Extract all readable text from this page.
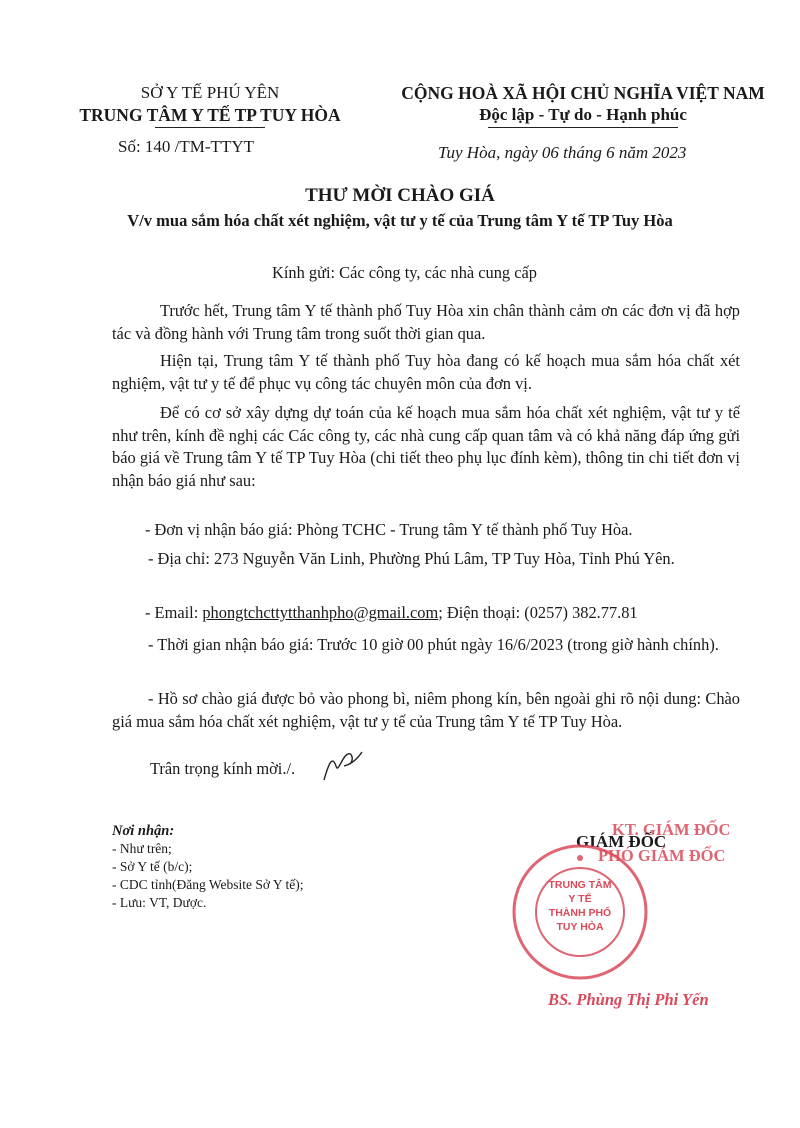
SỞ Y TẾ PHÚ YÊN
TRUNG TÂM Y TẾ TP TUY HÒA
Số: 140 /TM-TTYT
CỘNG HOÀ XÃ HỘI CHỦ NGHĨA VIỆT NAM
Độc lập - Tự do - Hạnh phúc
Tuy Hòa, ngày 06 tháng 6 năm 2023
THƯ MỜI CHÀO GIÁ
V/v mua sắm hóa chất xét nghiệm, vật tư y tế của Trung tâm Y tế TP Tuy Hòa
Kính gửi: Các công ty, các nhà cung cấp
Trước hết, Trung tâm Y tế thành phố Tuy Hòa xin chân thành cảm ơn các đơn vị đã hợp tác và đồng hành với Trung tâm trong suốt thời gian qua.
Hiện tại, Trung tâm Y tế thành phố Tuy hòa đang có kế hoạch mua sắm hóa chất xét nghiệm, vật tư y tế để phục vụ công tác chuyên môn của đơn vị.
Để có cơ sở xây dựng dự toán của kế hoạch mua sắm hóa chất xét nghiệm, vật tư y tế như trên, kính đề nghị các Các công ty, các nhà cung cấp quan tâm và có khả năng đáp ứng gửi báo giá về Trung tâm Y tế TP Tuy Hòa (chi tiết theo phụ lục đính kèm), thông tin chi tiết đơn vị nhận báo giá như sau:
- Đơn vị nhận báo giá: Phòng TCHC - Trung tâm Y tế thành phố Tuy Hòa.
- Địa chỉ: 273 Nguyễn Văn Linh, Phường Phú Lâm, TP Tuy Hòa, Tỉnh Phú Yên.
- Email: phongtchcttytthanhpho@gmail.com; Điện thoại: (0257) 382.77.81
- Thời gian nhận báo giá: Trước 10 giờ 00 phút ngày 16/6/2023 (trong giờ hành chính).
- Hồ sơ chào giá được bỏ vào phong bì, niêm phong kín, bên ngoài ghi rõ nội dung: Chào giá mua sắm hóa chất xét nghiệm, vật tư y tế của Trung tâm Y tế TP Tuy Hòa.
Trân trọng kính mời./.
Nơi nhận:
- Như trên;
- Sở Y tế (b/c);
- CDC tỉnh(Đăng Website Sở Y tế);
- Lưu: VT, Dược.
KT. GIÁM ĐỐC
GIÁM ĐỐC
PHÓ GIÁM ĐỐC
TRUNG TÂM
Y TẾ
THÀNH PHỐ
TUY HÒA
BS. Phùng Thị Phi Yến
